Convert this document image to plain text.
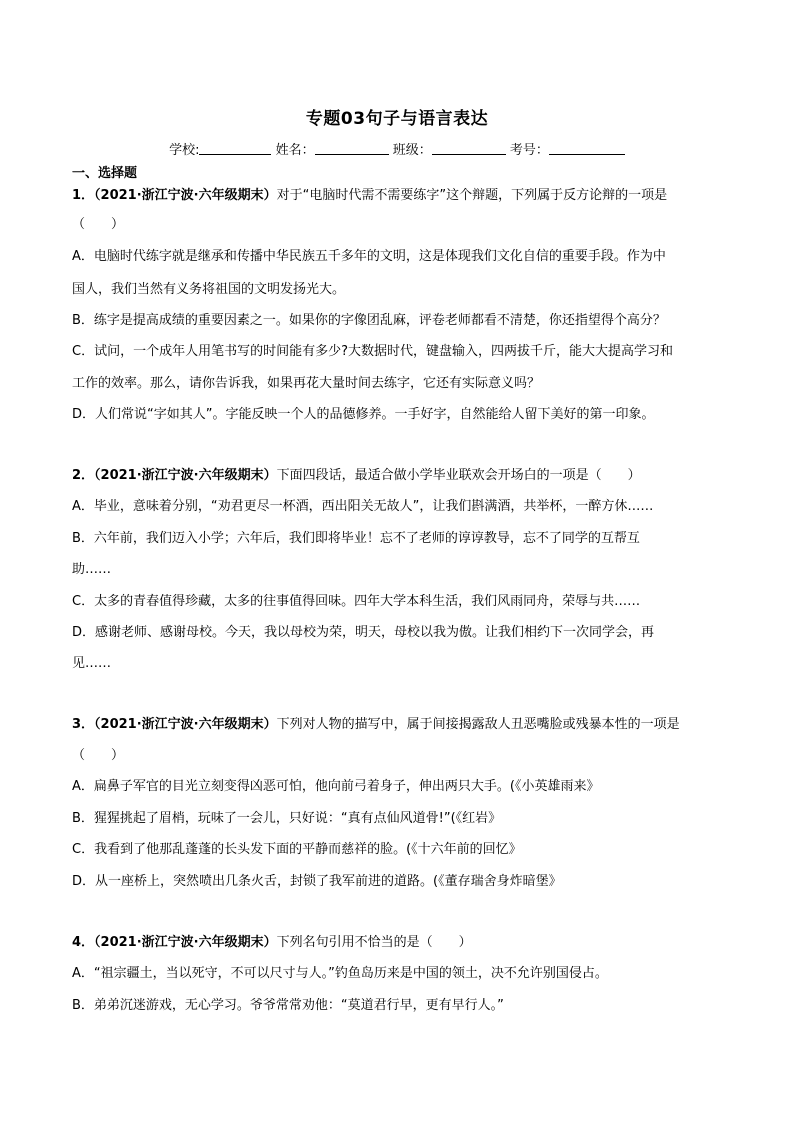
专题03句子与语言表达
学校:	姓名：	班级：	考号：
一、选择题
1．（2021·浙江宁波·六年级期末）对于“电脑时代需不需要练字”这个辩题，下列属于反方论辩的一项是
（　　）
A．电脑时代练字就是继承和传播中华民族五千多年的文明，这是体现我们文化自信的重要手段。作为中
国人，我们当然有义务将祖国的文明发扬光大。
B．练字是提高成绩的重要因素之一。如果你的字像团乱麻，评卷老师都看不清楚，你还指望得个高分？
C．试问，一个成年人用笔书写的时间能有多少?大数据时代，键盘输入，四两拔千斤，能大大提高学习和
工作的效率。那么，请你告诉我，如果再花大量时间去练字，它还有实际意义吗？
D．人们常说“字如其人”。字能反映一个人的品德修养。一手好字，自然能给人留下美好的第一印象。
2．（2021·浙江宁波·六年级期末）下面四段话，最适合做小学毕业联欢会开场白的一项是（　　）
A．毕业，意味着分别，“劝君更尽一杯酒，西出阳关无故人”，让我们斟满酒，共举杯，一醉方休……
B．六年前，我们迈入小学；六年后，我们即将毕业！忘不了老师的谆谆教导，忘不了同学的互帮互
助……
C．太多的青春值得珍藏，太多的往事值得回味。四年大学本科生活，我们风雨同舟，荣辱与共……
D．感谢老师、感谢母校。今天，我以母校为荣，明天，母校以我为傲。让我们相约下一次同学会，再
见……
3．（2021·浙江宁波·六年级期末）下列对人物的描写中，属于间接揭露敌人丑恶嘴脸或残暴本性的一项是
（　　）
A．扁鼻子军官的目光立刻变得凶恶可怕，他向前弓着身子，伸出两只大手。(《小英雄雨来》
B．猩猩挑起了眉梢，玩味了一会儿，只好说：“真有点仙风道骨!”(《红岩》
C．我看到了他那乱蓬蓬的长头发下面的平静而慈祥的脸。(《十六年前的回忆》
D．从一座桥上，突然喷出几条火舌，封锁了我军前进的道路。(《董存瑞舍身炸暗堡》
4．（2021·浙江宁波·六年级期末）下列名句引用不恰当的是（　　）
A．“祖宗疆土，当以死守，不可以尺寸与人。”钓鱼岛历来是中国的领土，决不允许别国侵占。
B．弟弟沉迷游戏，无心学习。爷爷常常劝他：“莫道君行早，更有早行人。”
